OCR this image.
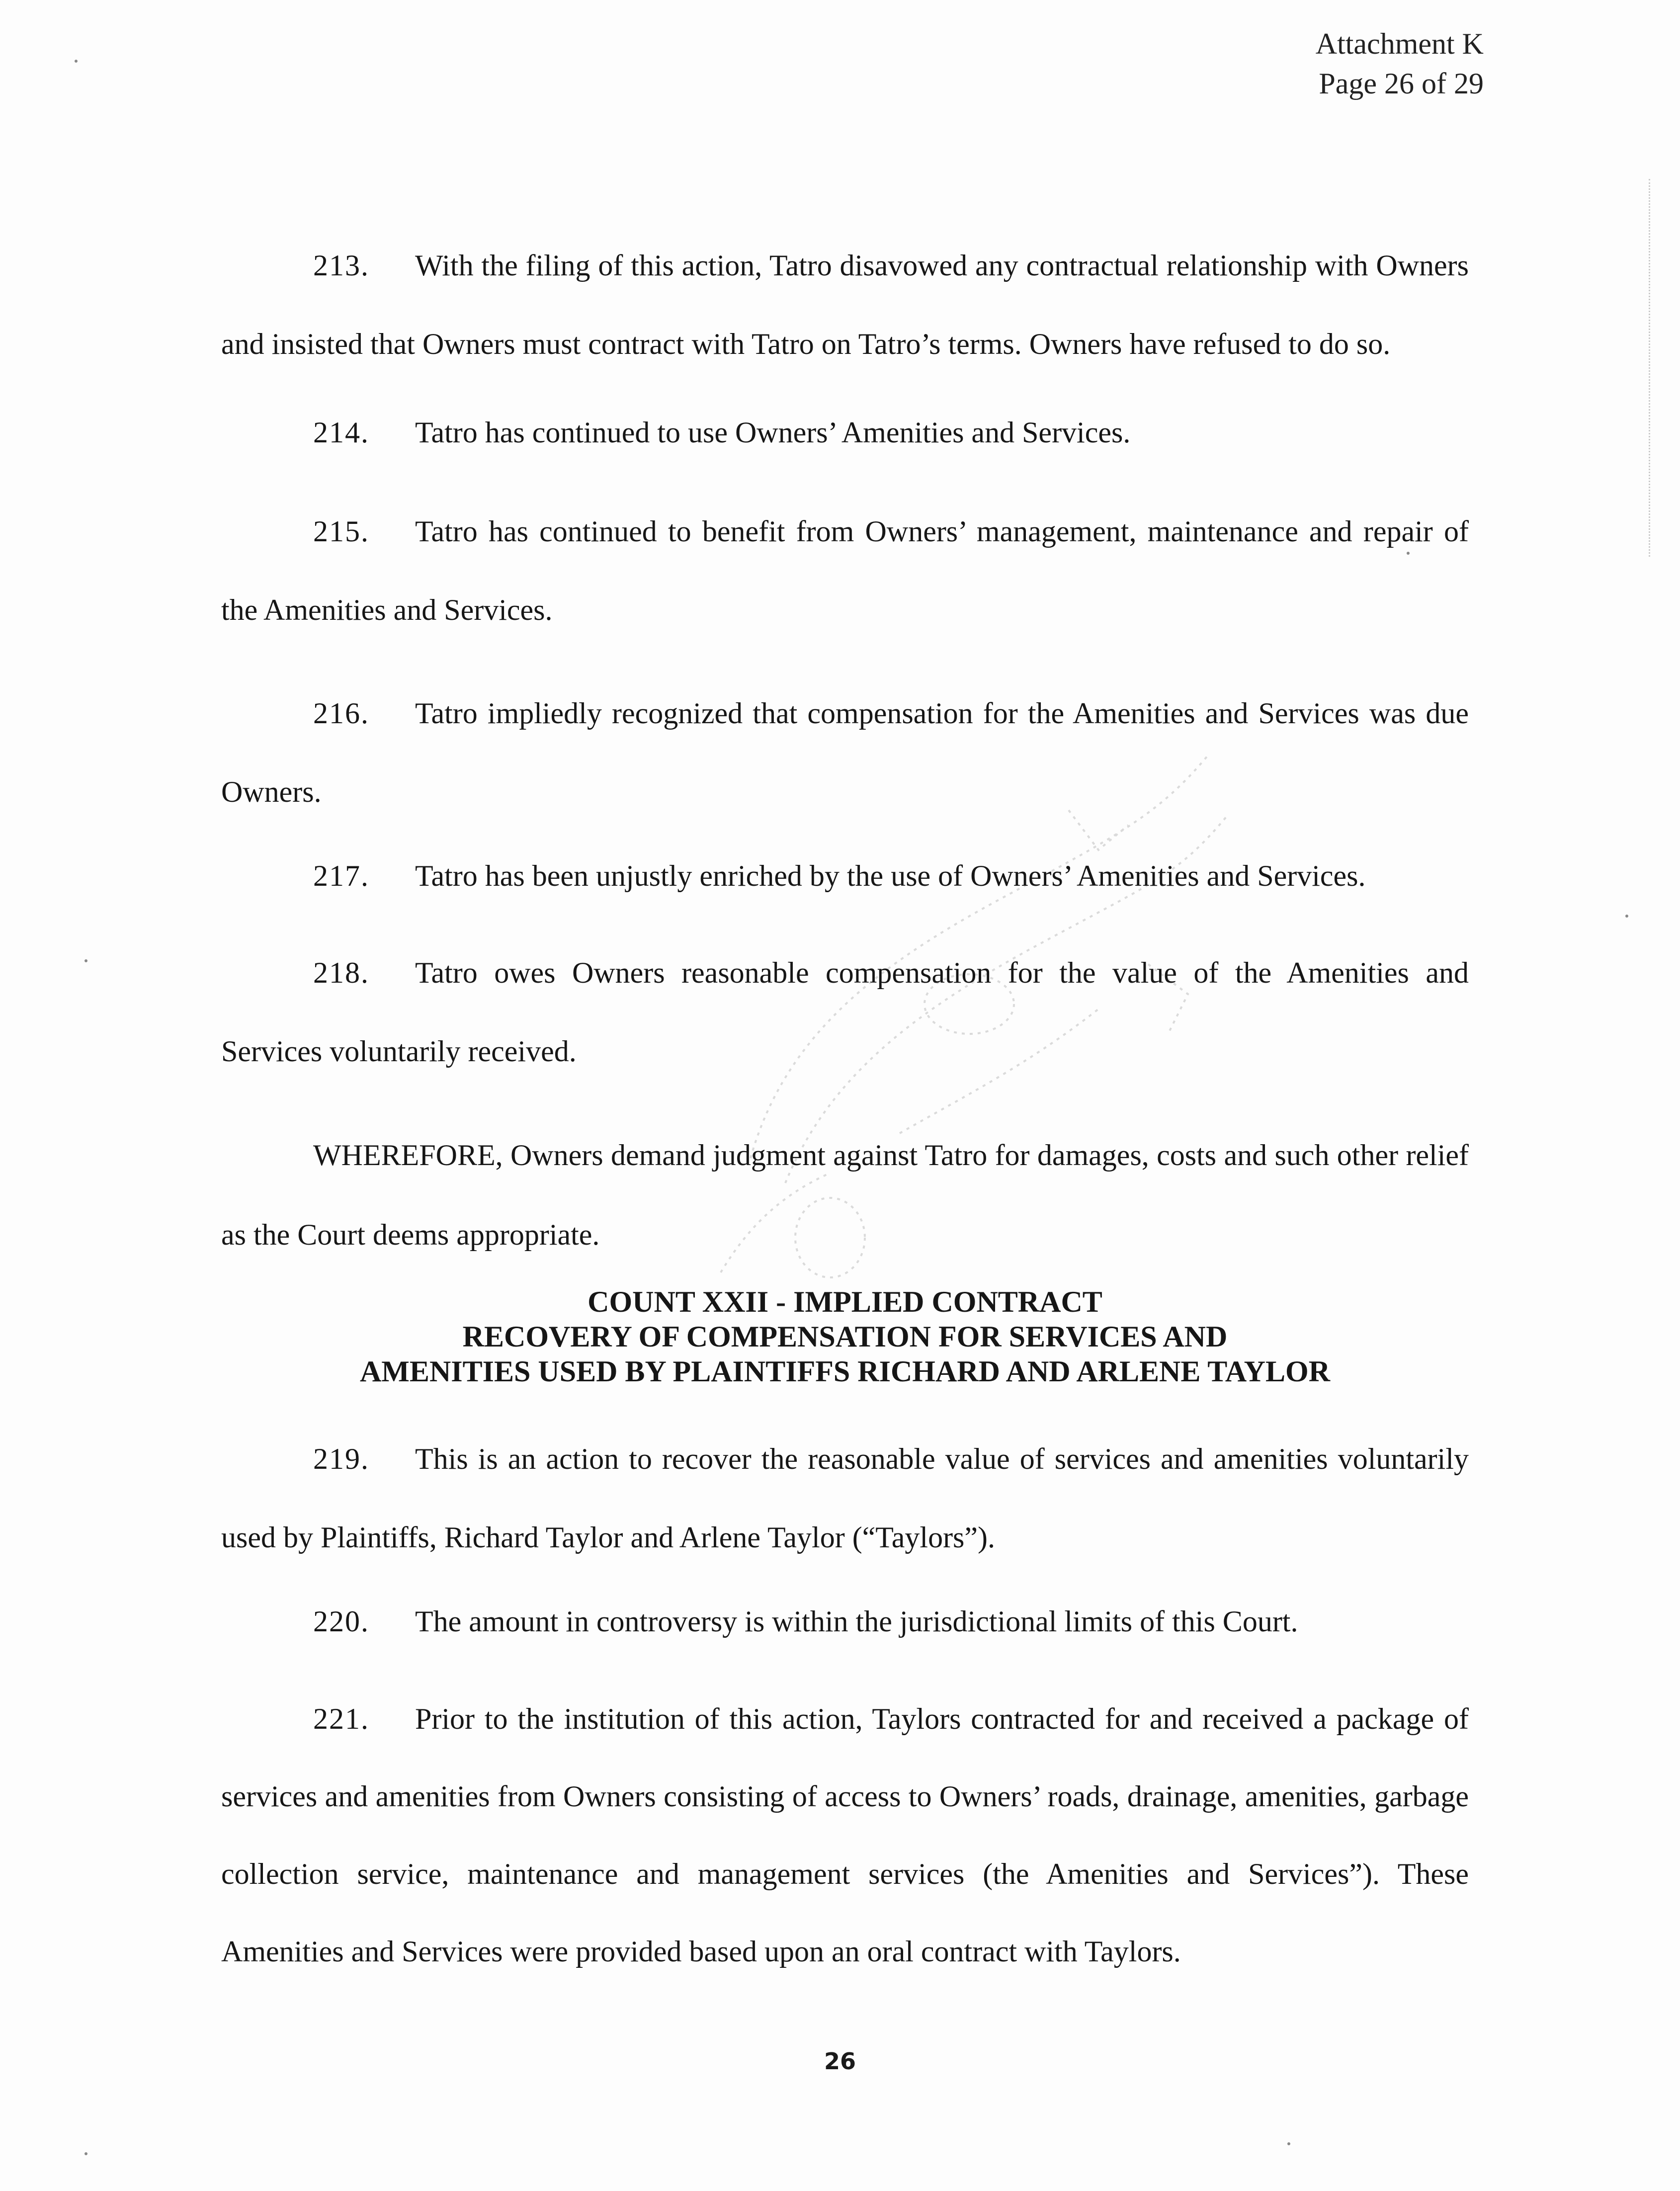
Attachment K
Page 26 of 29

213. With the filing of this action, Tatro disavowed any contractual relationship with Owners and insisted that Owners must contract with Tatro on Tatro’s terms. Owners have refused to do so.

214. Tatro has continued to use Owners’ Amenities and Services.

215. Tatro has continued to benefit from Owners’ management, maintenance and repair of the Amenities and Services.

216. Tatro impliedly recognized that compensation for the Amenities and Services was due Owners.

217. Tatro has been unjustly enriched by the use of Owners’ Amenities and Services.

218. Tatro owes Owners reasonable compensation for the value of the Amenities and Services voluntarily received.

WHEREFORE, Owners demand judgment against Tatro for damages, costs and such other relief as the Court deems appropriate.

COUNT XXII - IMPLIED CONTRACT
RECOVERY OF COMPENSATION FOR SERVICES AND
AMENITIES USED BY PLAINTIFFS RICHARD AND ARLENE TAYLOR

219. This is an action to recover the reasonable value of services and amenities voluntarily used by Plaintiffs, Richard Taylor and Arlene Taylor (“Taylors”).

220. The amount in controversy is within the jurisdictional limits of this Court.

221. Prior to the institution of this action, Taylors contracted for and received a package of services and amenities from Owners consisting of access to Owners’ roads, drainage, amenities, garbage collection service, maintenance and management services (the Amenities and Services”). These Amenities and Services were provided based upon an oral contract with Taylors.

26
